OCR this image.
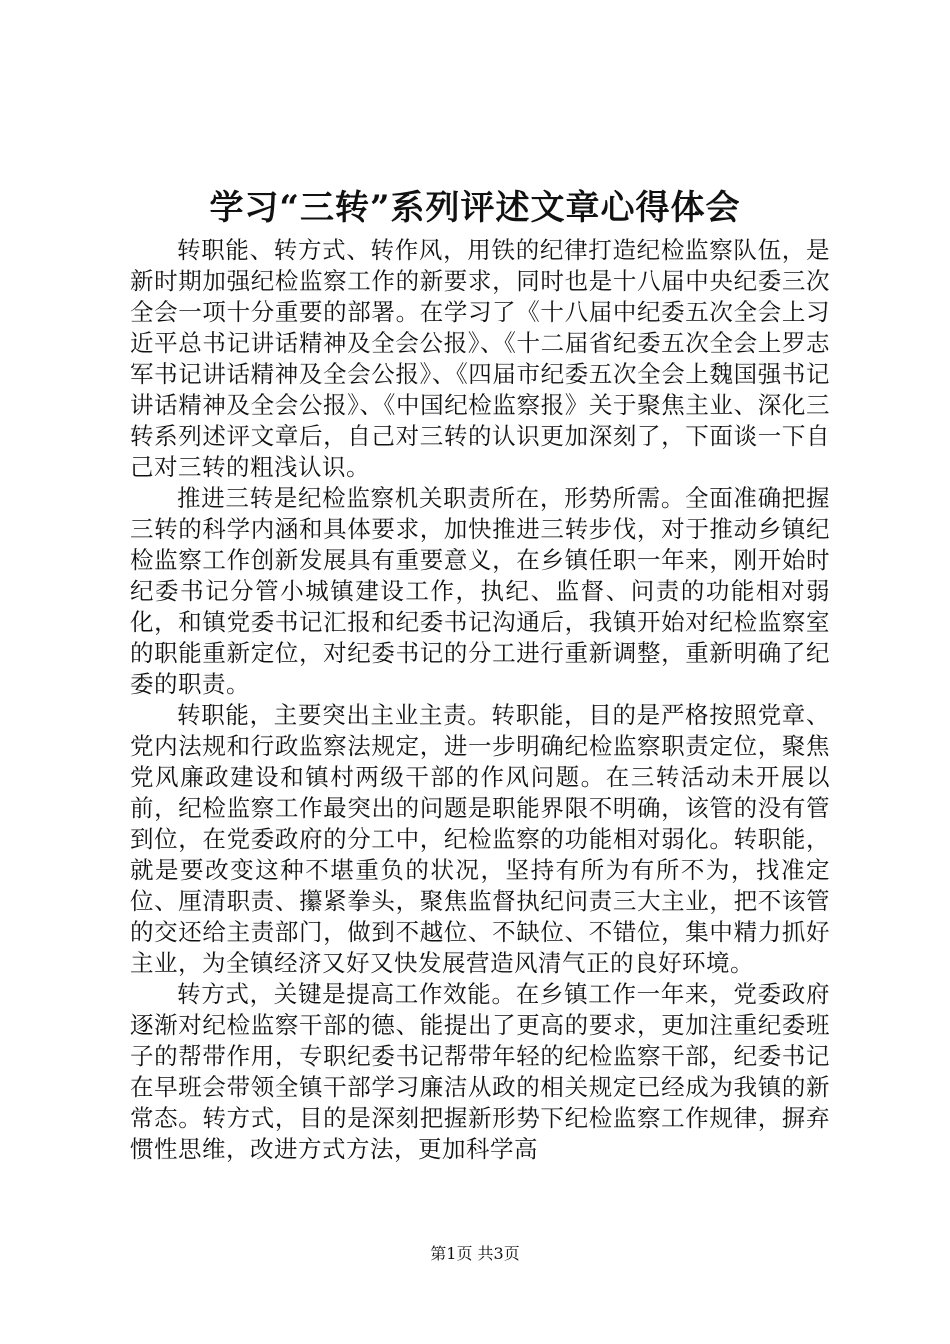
学习“三转”系列评述文章心得体会

转职能、转方式、转作风，用铁的纪律打造纪检监察队伍，是新时期加强纪检监察工作的新要求，同时也是十八届中央纪委三次全会一项十分重要的部署。在学习了《十八届中纪委五次全会上习近平总书记讲话精神及全会公报》、《十二届省纪委五次全会上罗志军书记讲话精神及全会公报》、《四届市纪委五次全会上魏国强书记讲话精神及全会公报》、《中国纪检监察报》关于聚焦主业、深化三转系列述评文章后，自己对三转的认识更加深刻了，下面谈一下自己对三转的粗浅认识。

推进三转是纪检监察机关职责所在，形势所需。全面准确把握三转的科学内涵和具体要求，加快推进三转步伐，对于推动乡镇纪检监察工作创新发展具有重要意义，在乡镇任职一年来，刚开始时纪委书记分管小城镇建设工作，执纪、监督、问责的功能相对弱化，和镇党委书记汇报和纪委书记沟通后，我镇开始对纪检监察室的职能重新定位，对纪委书记的分工进行重新调整，重新明确了纪委的职责。

转职能，主要突出主业主责。转职能，目的是严格按照党章、党内法规和行政监察法规定，进一步明确纪检监察职责定位，聚焦党风廉政建设和镇村两级干部的作风问题。在三转活动未开展以前，纪检监察工作最突出的问题是职能界限不明确，该管的没有管到位，在党委政府的分工中，纪检监察的功能相对弱化。转职能，就是要改变这种不堪重负的状况，坚持有所为有所不为，找准定位、厘清职责、攥紧拳头，聚焦监督执纪问责三大主业，把不该管的交还给主责部门，做到不越位、不缺位、不错位，集中精力抓好主业，为全镇经济又好又快发展营造风清气正的良好环境。

转方式，关键是提高工作效能。在乡镇工作一年来，党委政府逐渐对纪检监察干部的德、能提出了更高的要求，更加注重纪委班子的帮带作用，专职纪委书记帮带年轻的纪检监察干部，纪委书记在早班会带领全镇干部学习廉洁从政的相关规定已经成为我镇的新常态。转方式，目的是深刻把握新形势下纪检监察工作规律，摒弃惯性思维，改进方式方法，更加科学高

第1页 共3页
